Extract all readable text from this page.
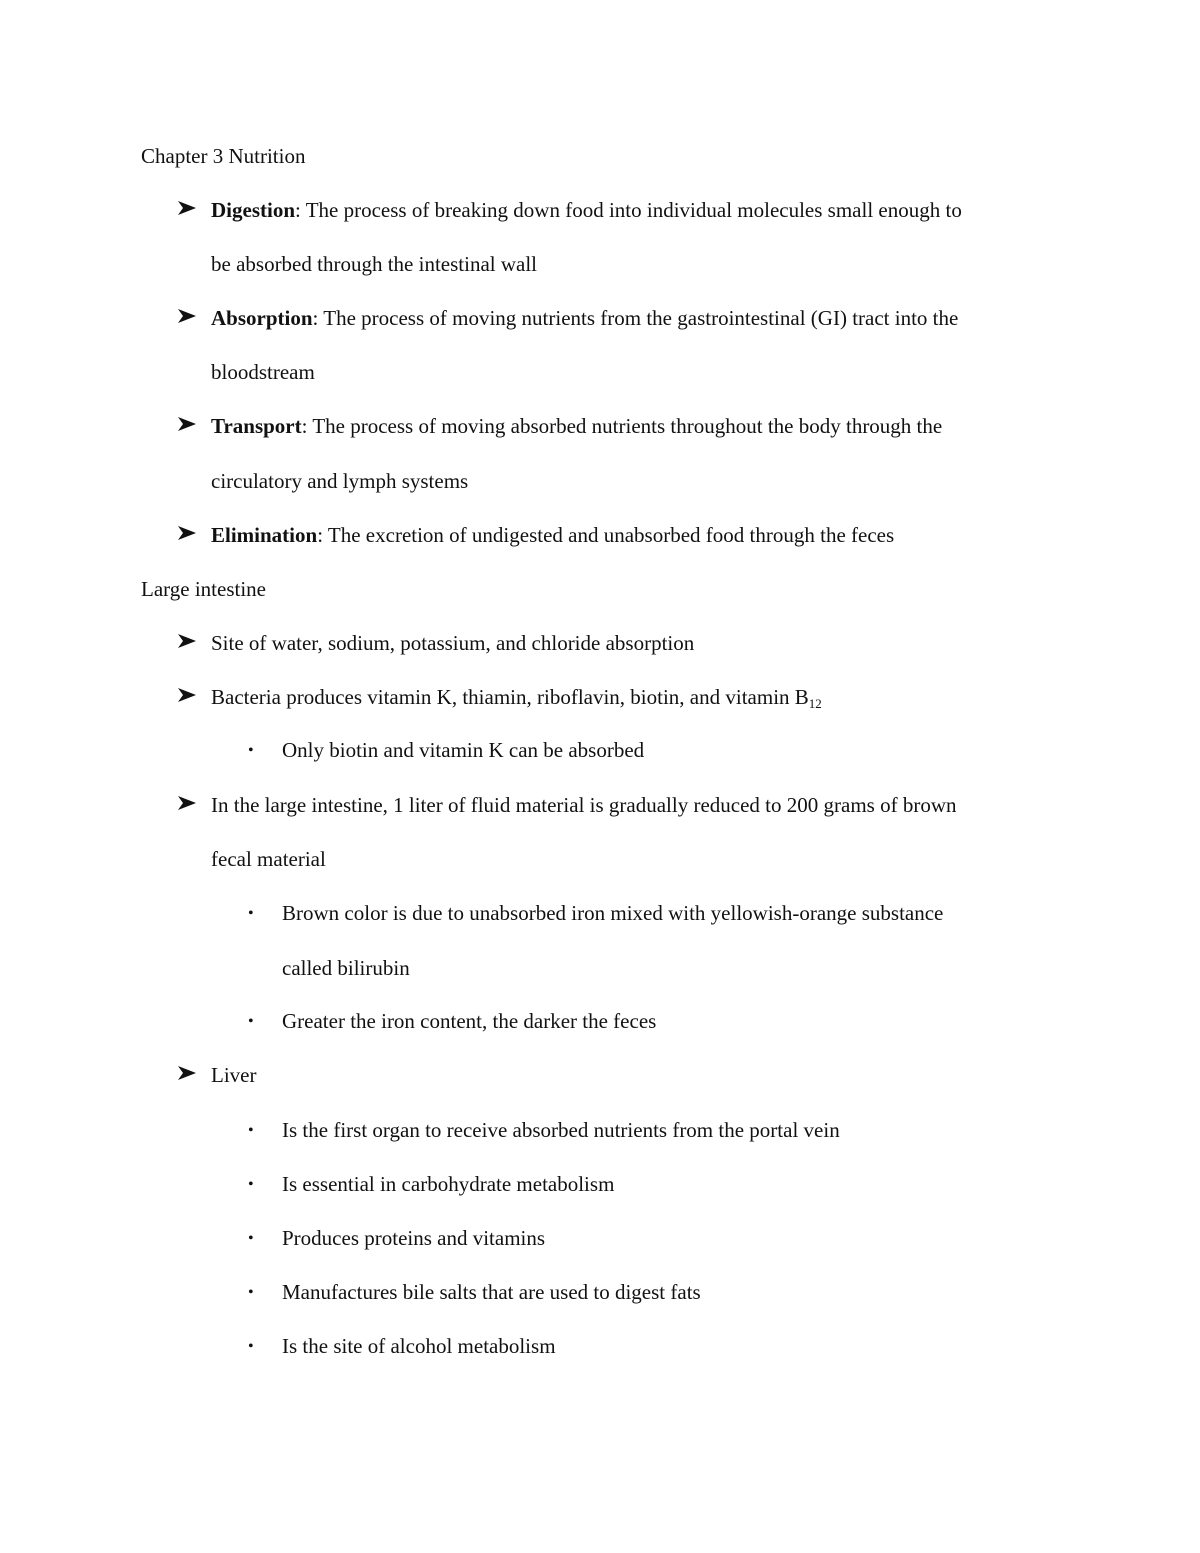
Chapter 3 Nutrition
Digestion: The process of breaking down food into individual molecules small enough to
be absorbed through the intestinal wall
Absorption: The process of moving nutrients from the gastrointestinal (GI) tract into the
bloodstream
Transport: The process of moving absorbed nutrients throughout the body through the
circulatory and lymph systems
Elimination: The excretion of undigested and unabsorbed food through the feces
Large intestine
Site of water, sodium, potassium, and chloride absorption
Bacteria produces vitamin K, thiamin, riboflavin, biotin, and vitamin $B_{12}$
• Only biotin and vitamin K can be absorbed
In the large intestine, 1 liter of fluid material is gradually reduced to 200 grams of brown
fecal material
• Brown color is due to unabsorbed iron mixed with yellowish-orange substance
called bilirubin
• Greater the iron content, the darker the feces
Liver
• Is the first organ to receive absorbed nutrients from the portal vein
• Is essential in carbohydrate metabolism
• Produces proteins and vitamins
• Manufactures bile salts that are used to digest fats
• Is the site of alcohol metabolism
